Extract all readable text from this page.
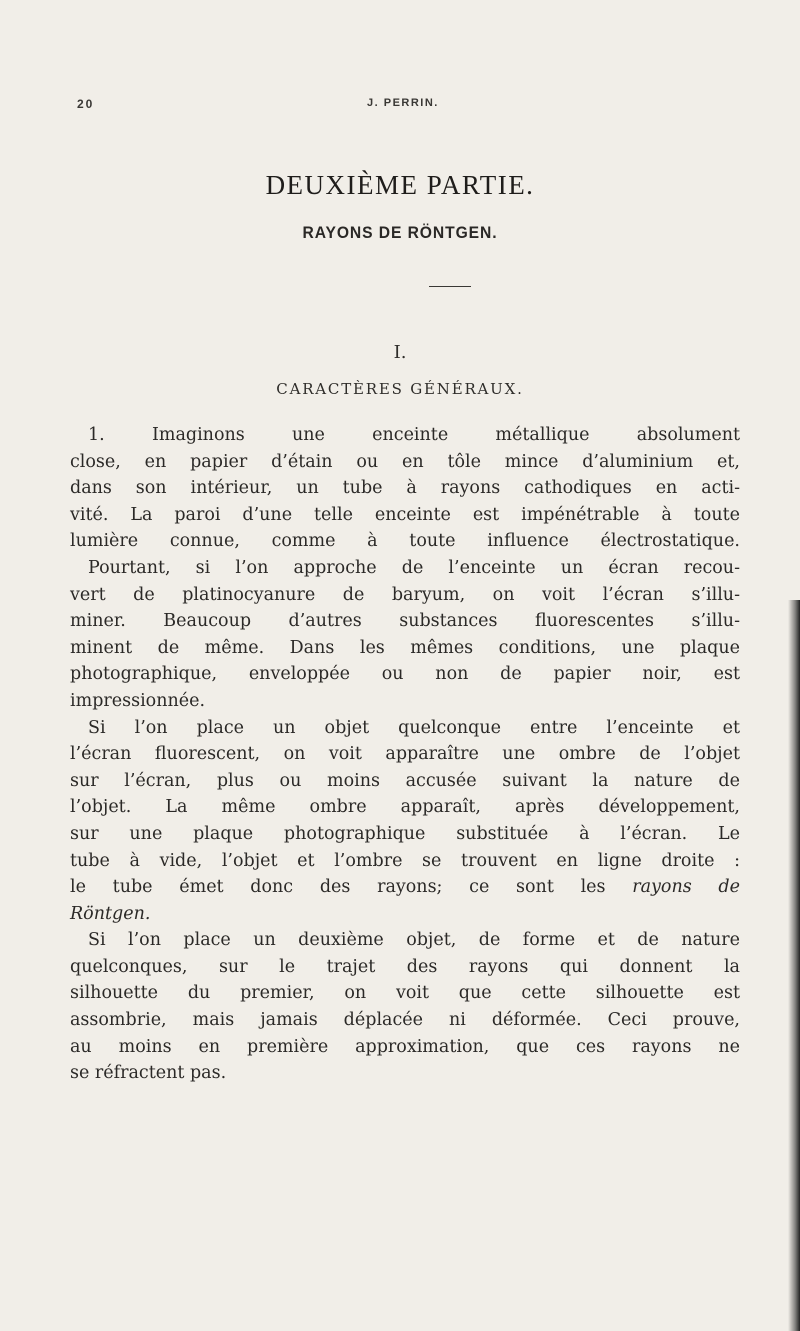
20	J. PERRIN.
DEUXIÈME PARTIE.
RAYONS DE RÖNTGEN.
I.
CARACTÈRES GÉNÉRAUX.
1. Imaginons une enceinte métallique absolument
close, en papier d’étain ou en tôle mince d’aluminium et,
dans son intérieur, un tube à rayons cathodiques en acti-
vité. La paroi d’une telle enceinte est impénétrable à toute
lumière connue, comme à toute influence électrostatique.
Pourtant, si l’on approche de l’enceinte un écran recou-
vert de platinocyanure de baryum, on voit l’écran s’illu-
miner. Beaucoup d’autres substances fluorescentes s’illu-
minent de même. Dans les mêmes conditions, une plaque
photographique, enveloppée ou non de papier noir, est
impressionnée.
Si l’on place un objet quelconque entre l’enceinte et
l’écran fluorescent, on voit apparaître une ombre de l’objet
sur l’écran, plus ou moins accusée suivant la nature de
l’objet. La même ombre apparaît, après développement,
sur une plaque photographique substituée à l’écran. Le
tube à vide, l’objet et l’ombre se trouvent en ligne droite :
le tube émet donc des rayons; ce sont les rayons de
Röntgen.
Si l’on place un deuxième objet, de forme et de nature
quelconques, sur le trajet des rayons qui donnent la
silhouette du premier, on voit que cette silhouette est
assombrie, mais jamais déplacée ni déformée. Ceci prouve,
au moins en première approximation, que ces rayons ne
se réfractent pas.
